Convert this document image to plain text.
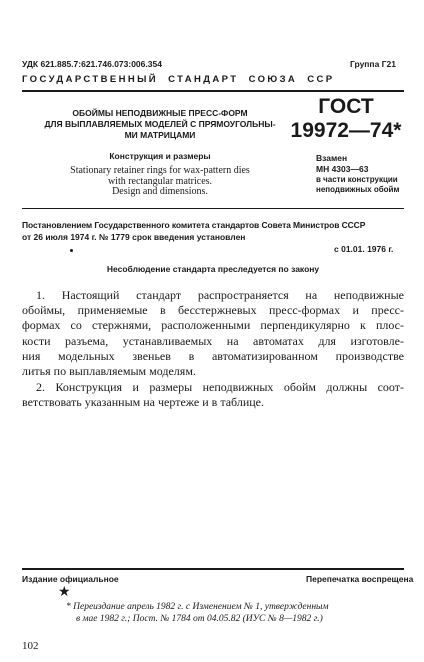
УДК 621.885.7:621.746.073:006.354	Группа Г21
ГОСУДАРСТВЕННЫЙ  СТАНДАРТ  СОЮЗА  ССР
ОБОЙМЫ НЕПОДВИЖНЫЕ ПРЕСС-ФОРМ
ДЛЯ ВЫПЛАВЛЯЕМЫХ МОДЕЛЕЙ С ПРЯМОУГОЛЬНЫ-
МИ МАТРИЦАМИ
Конструкция и размеры
Stationary retainer rings for wax-pattern dies
with rectangular matrices.
Design and dimensions.
ГОСТ
19972—74*
Взамен
МН 4303—63
в части конструкции
неподвижных обойм
Постановлением Государственного комитета стандартов Совета Министров СССР
от 26 июля 1974 г. № 1779 срок введения установлен
с 01.01. 1976 г.
Несоблюдение стандарта преследуется по закону
1. Настоящий стандарт распространяется на неподвижные
обоймы, применяемые в бесстержневых пресс-формах и пресс-
формах со стержнями, расположенными перпендикулярно к плос-
кости разъема, устанавливаемых на автоматах для изготовле-
ния модельных звеньев в автоматизированном производстве
литья по выплавляемым моделям.
2. Конструкция и размеры неподвижных обойм должны соот-
ветствовать указанным на чертеже и в таблице.
Издание официальное	Перепечатка воспрещена
★
* Переиздание апрель 1982 г. с Изменением № 1, утвержденным
в мае 1982 г.; Пост. № 1784 от 04.05.82 (ИУС № 8—1982 г.)
102
